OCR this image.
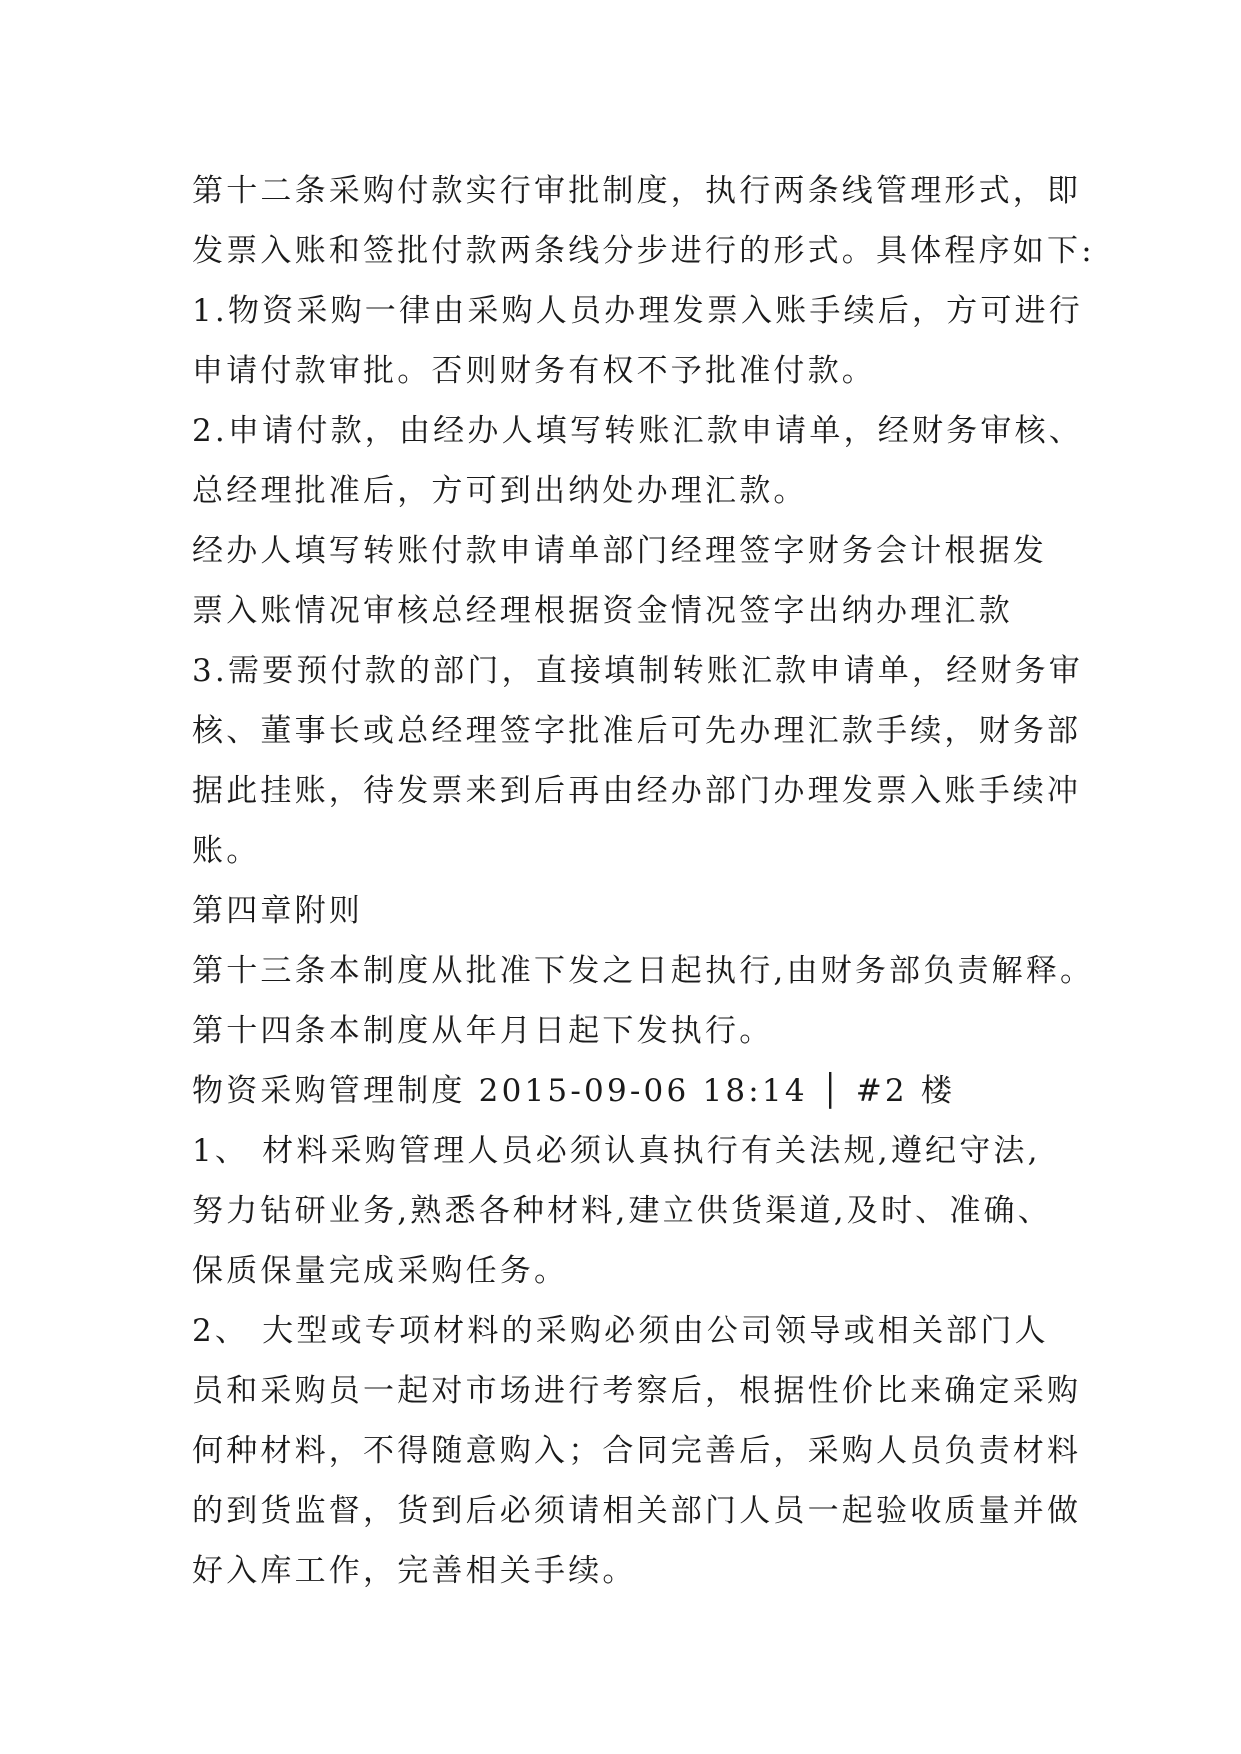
第十二条采购付款实行审批制度，执行两条线管理形式，即
发票入账和签批付款两条线分步进行的形式。具体程序如下:
1.物资采购一律由采购人员办理发票入账手续后，方可进行
申请付款审批。否则财务有权不予批准付款。
2.申请付款，由经办人填写转账汇款申请单，经财务审核、
总经理批准后，方可到出纳处办理汇款。
经办人填写转账付款申请单部门经理签字财务会计根据发
票入账情况审核总经理根据资金情况签字出纳办理汇款
3.需要预付款的部门，直接填制转账汇款申请单，经财务审
核、董事长或总经理签字批准后可先办理汇款手续，财务部
据此挂账，待发票来到后再由经办部门办理发票入账手续冲
账。
第四章附则
第十三条本制度从批准下发之日起执行,由财务部负责解释。
第十四条本制度从年月日起下发执行。
物资采购管理制度 2015-09-06 18:14 │ #2 楼
1、 材料采购管理人员必须认真执行有关法规,遵纪守法,
努力钻研业务,熟悉各种材料,建立供货渠道,及时、准确、
保质保量完成采购任务。
2、 大型或专项材料的采购必须由公司领导或相关部门人
员和采购员一起对市场进行考察后，根据性价比来确定采购
何种材料，不得随意购入；合同完善后，采购人员负责材料
的到货监督，货到后必须请相关部门人员一起验收质量并做
好入库工作，完善相关手续。
